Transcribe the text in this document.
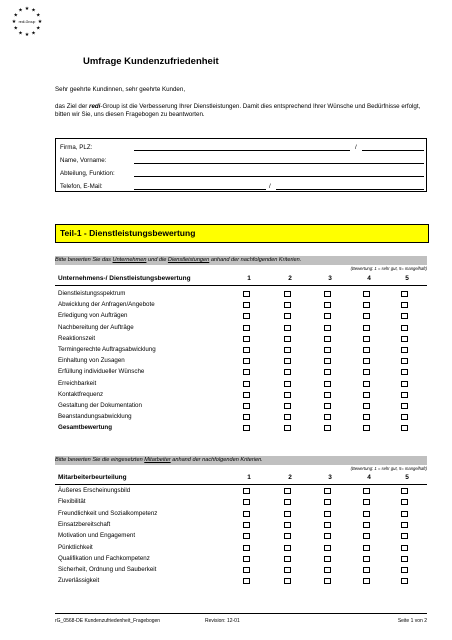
redi-Group
★ ★
★
★
★
★
★
★
★
★
★
★
Umfrage Kundenzufriedenheit
Sehr geehrte Kundinnen, sehr geehrte Kunden,
das Ziel der redi-Group ist die Verbesserung Ihrer Dienstleistungen. Damit dies entsprechend Ihrer Wünsche und Bedürfnisse erfolgt, bitten wir Sie, uns diesen Fragebogen zu beantworten.
Firma, PLZ:	/
Name, Vorname:
Abteilung, Funktion:
Telefon, E-Mail:	/
Teil-1 - Dienstleistungsbewertung
Bitte bewerten Sie das Unternehmen und die Dienstleistungen anhand der nachfolgenden Kriterien.
(Bewertung: 1 = sehr gut, 5= mangelhaft)
Unternehmens-/ Dienstleistungsbewertung	1	2	3	4	5
Dienstleistungsspektrum
Abwicklung der Anfragen/Angebote
Erledigung von Aufträgen
Nachbereitung der Aufträge
Reaktionszeit
Termingerechte Auftragsabwicklung
Einhaltung von Zusagen
Erfüllung individueller Wünsche
Erreichbarkeit
Kontaktfrequenz
Gestaltung der Dokumentation
Beanstandungsabwicklung
Gesamtbewertung
Bitte bewerten Sie die eingesetzten Mitarbeiter anhand der nachfolgenden Kriterien.
(Bewertung: 1 = sehr gut, 5= mangelhaft)
Mitarbeiterbeurteilung	1	2	3	4	5
Äußeres Erscheinungsbild
Flexibilität
Freundlichkeit und Sozialkompetenz
Einsatzbereitschaft
Motivation und Engagement
Pünktlichkeit
Qualifikation und Fachkompetenz
Sicherheit, Ordnung und Sauberkeit
Zuverlässigkeit
rG_0568-DE Kundenzufriedenheit_Fragebogen	Revision: 12-01	Seite 1 von 2
